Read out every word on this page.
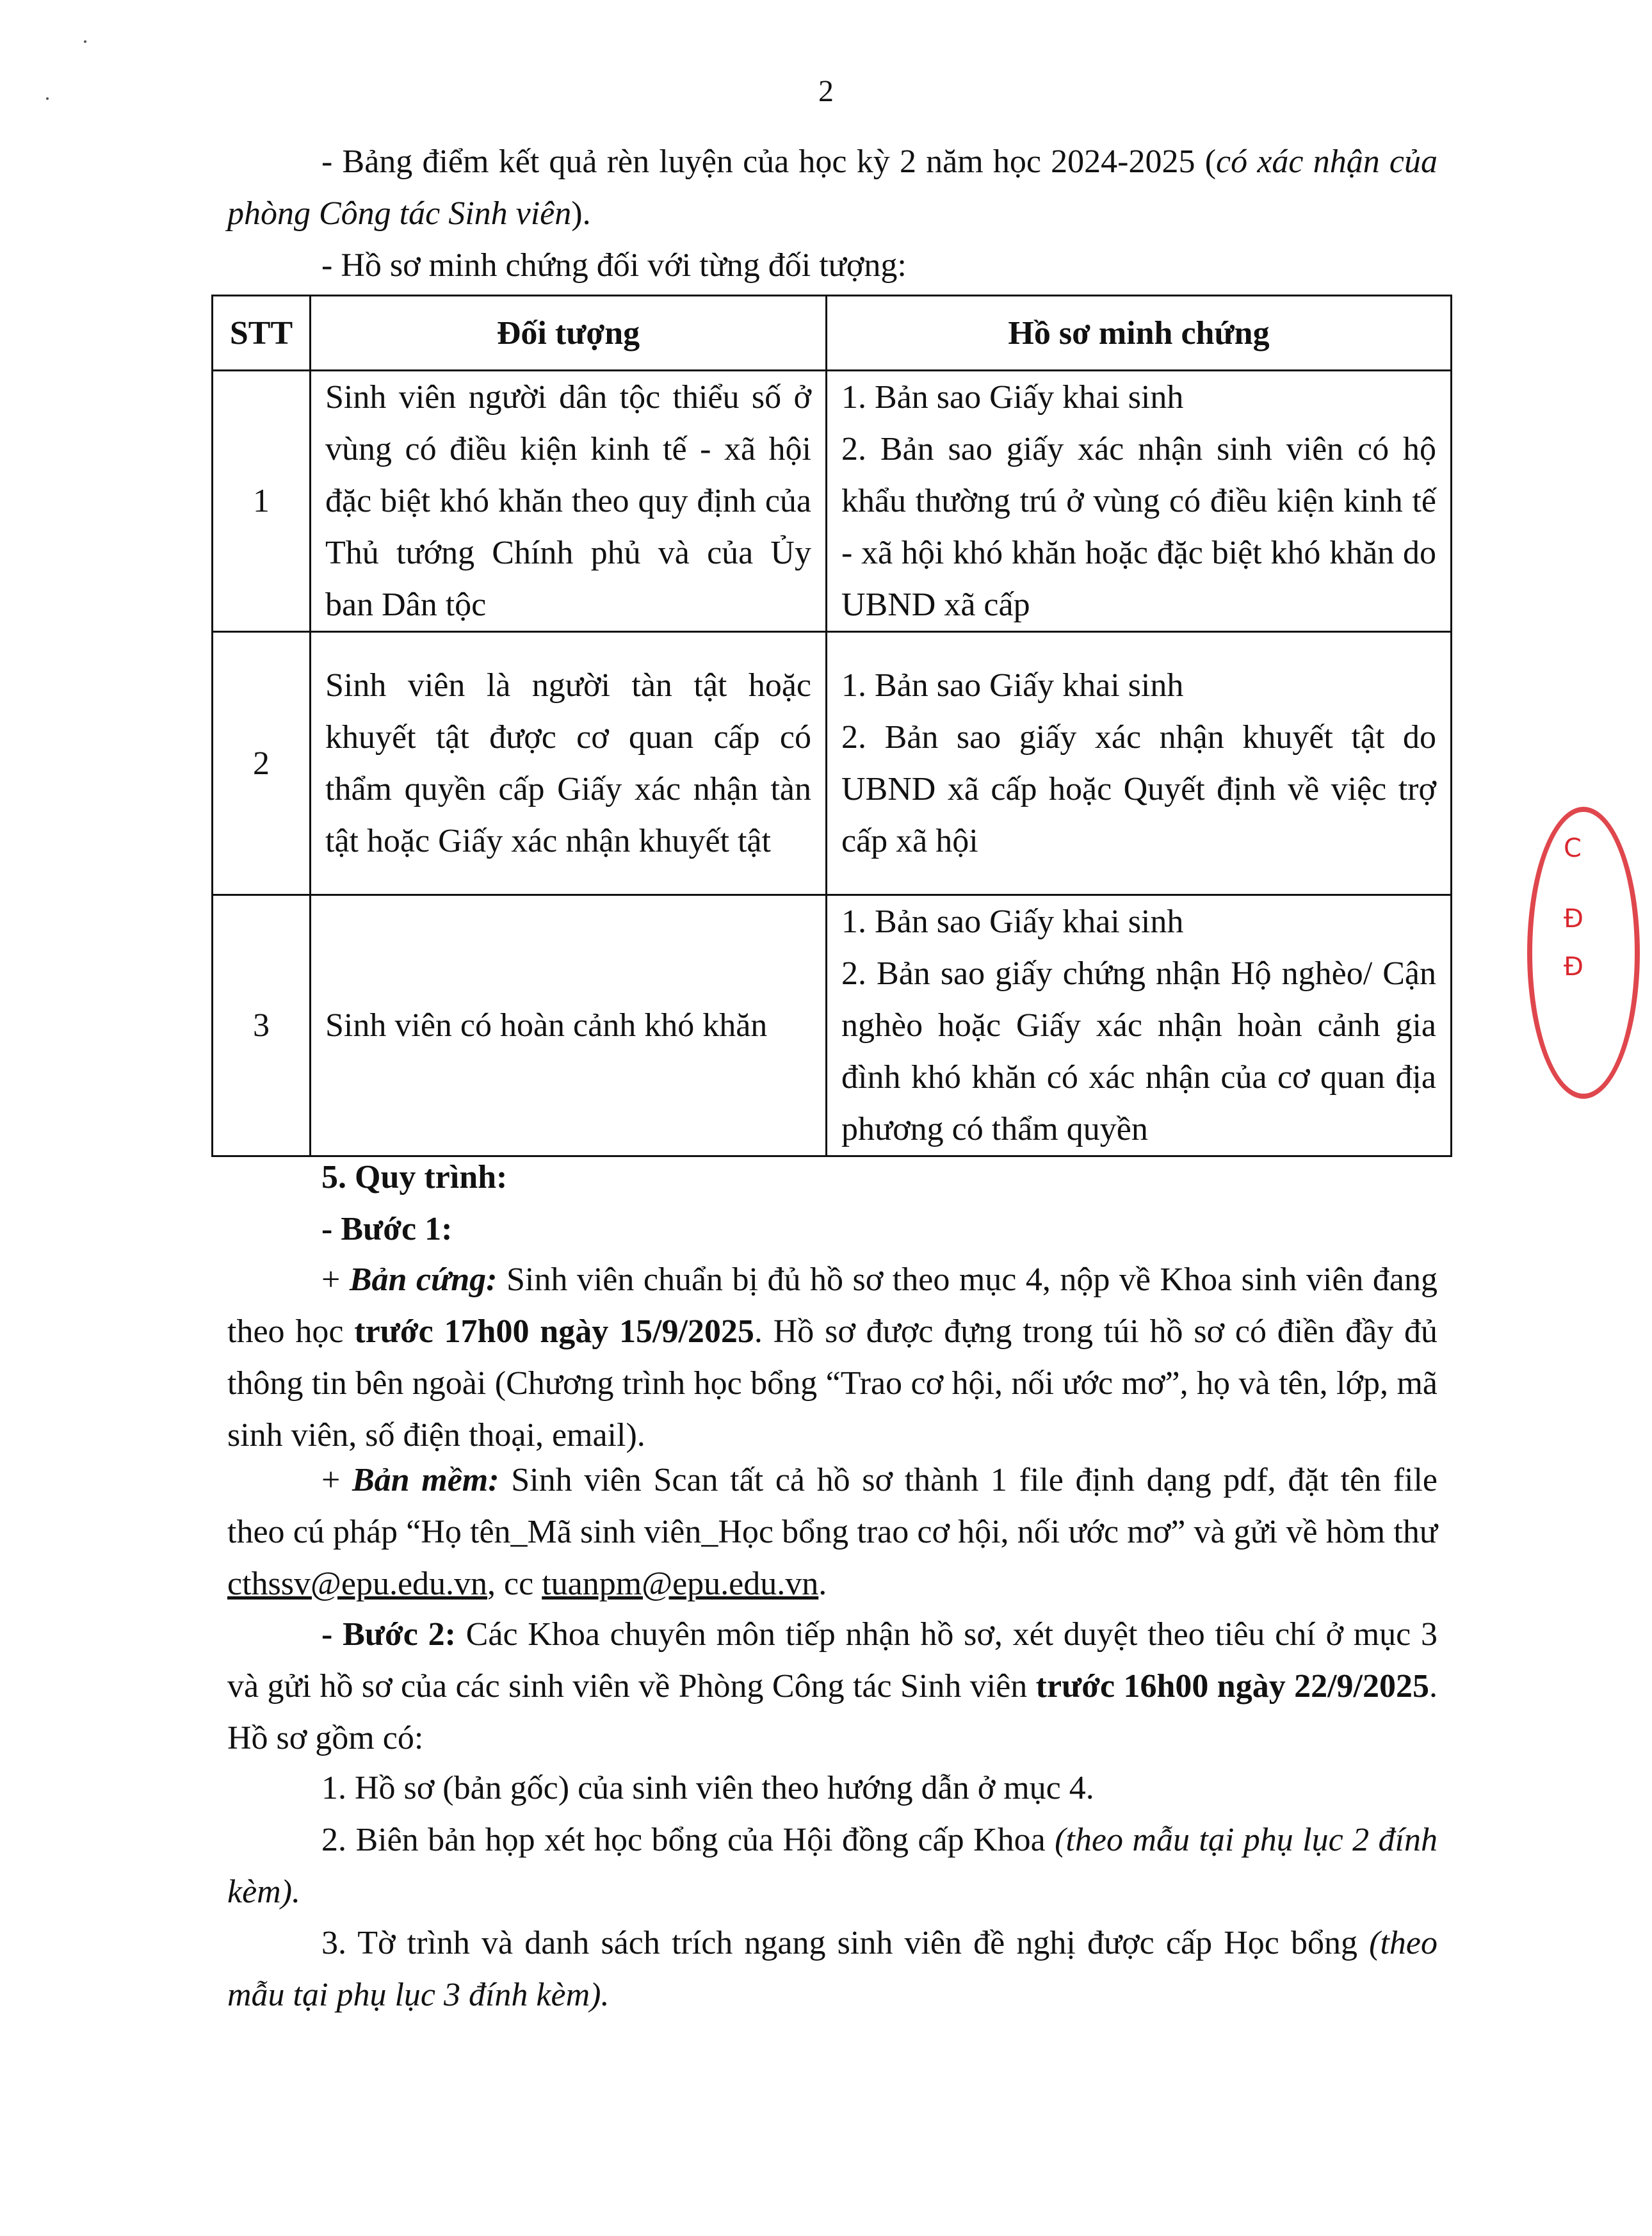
2

- Bảng điểm kết quả rèn luyện của học kỳ 2 năm học 2024-2025 (có xác nhận của phòng Công tác Sinh viên).

- Hồ sơ minh chứng đối với từng đối tượng:

STT	Đối tượng	Hồ sơ minh chứng
1	Sinh viên người dân tộc thiểu số ở vùng có điều kiện kinh tế - xã hội đặc biệt khó khăn theo quy định của Thủ tướng Chính phủ và của Ủy ban Dân tộc	1. Bản sao Giấy khai sinh
2. Bản sao giấy xác nhận sinh viên có hộ khẩu thường trú ở vùng có điều kiện kinh tế - xã hội khó khăn hoặc đặc biệt khó khăn do UBND xã cấp

2	Sinh viên là người tàn tật hoặc khuyết tật được cơ quan cấp có thẩm quyền cấp Giấy xác nhận tàn tật hoặc Giấy xác nhận khuyết tật	1. Bản sao Giấy khai sinh
2. Bản sao giấy xác nhận khuyết tật do UBND xã cấp hoặc Quyết định về việc trợ cấp xã hội

3	Sinh viên có hoàn cảnh khó khăn	1. Bản sao Giấy khai sinh
2. Bản sao giấy chứng nhận Hộ nghèo/ Cận nghèo hoặc Giấy xác nhận hoàn cảnh gia đình khó khăn có xác nhận của cơ quan địa phương có thẩm quyền

5. Quy trình:

- Bước 1:

+ Bản cứng: Sinh viên chuẩn bị đủ hồ sơ theo mục 4, nộp về Khoa sinh viên đang theo học trước 17h00 ngày 15/9/2025. Hồ sơ được đựng trong túi hồ sơ có điền đầy đủ thông tin bên ngoài (Chương trình học bổng “Trao cơ hội, nối ước mơ”, họ và tên, lớp, mã sinh viên, số điện thoại, email).

+ Bản mềm: Sinh viên Scan tất cả hồ sơ thành 1 file định dạng pdf, đặt tên file theo cú pháp “Họ tên_Mã sinh viên_Học bổng trao cơ hội, nối ước mơ” và gửi về hòm thư cthssv@epu.edu.vn, cc tuanpm@epu.edu.vn.

- Bước 2: Các Khoa chuyên môn tiếp nhận hồ sơ, xét duyệt theo tiêu chí ở mục 3 và gửi hồ sơ của các sinh viên về Phòng Công tác Sinh viên trước 16h00 ngày 22/9/2025. Hồ sơ gồm có:

1. Hồ sơ (bản gốc) của sinh viên theo hướng dẫn ở mục 4.

2. Biên bản họp xét học bổng của Hội đồng cấp Khoa (theo mẫu tại phụ lục 2 đính kèm).

3. Tờ trình và danh sách trích ngang sinh viên đề nghị được cấp Học bổng (theo mẫu tại phụ lục 3 đính kèm).

C
Đ
Đ
